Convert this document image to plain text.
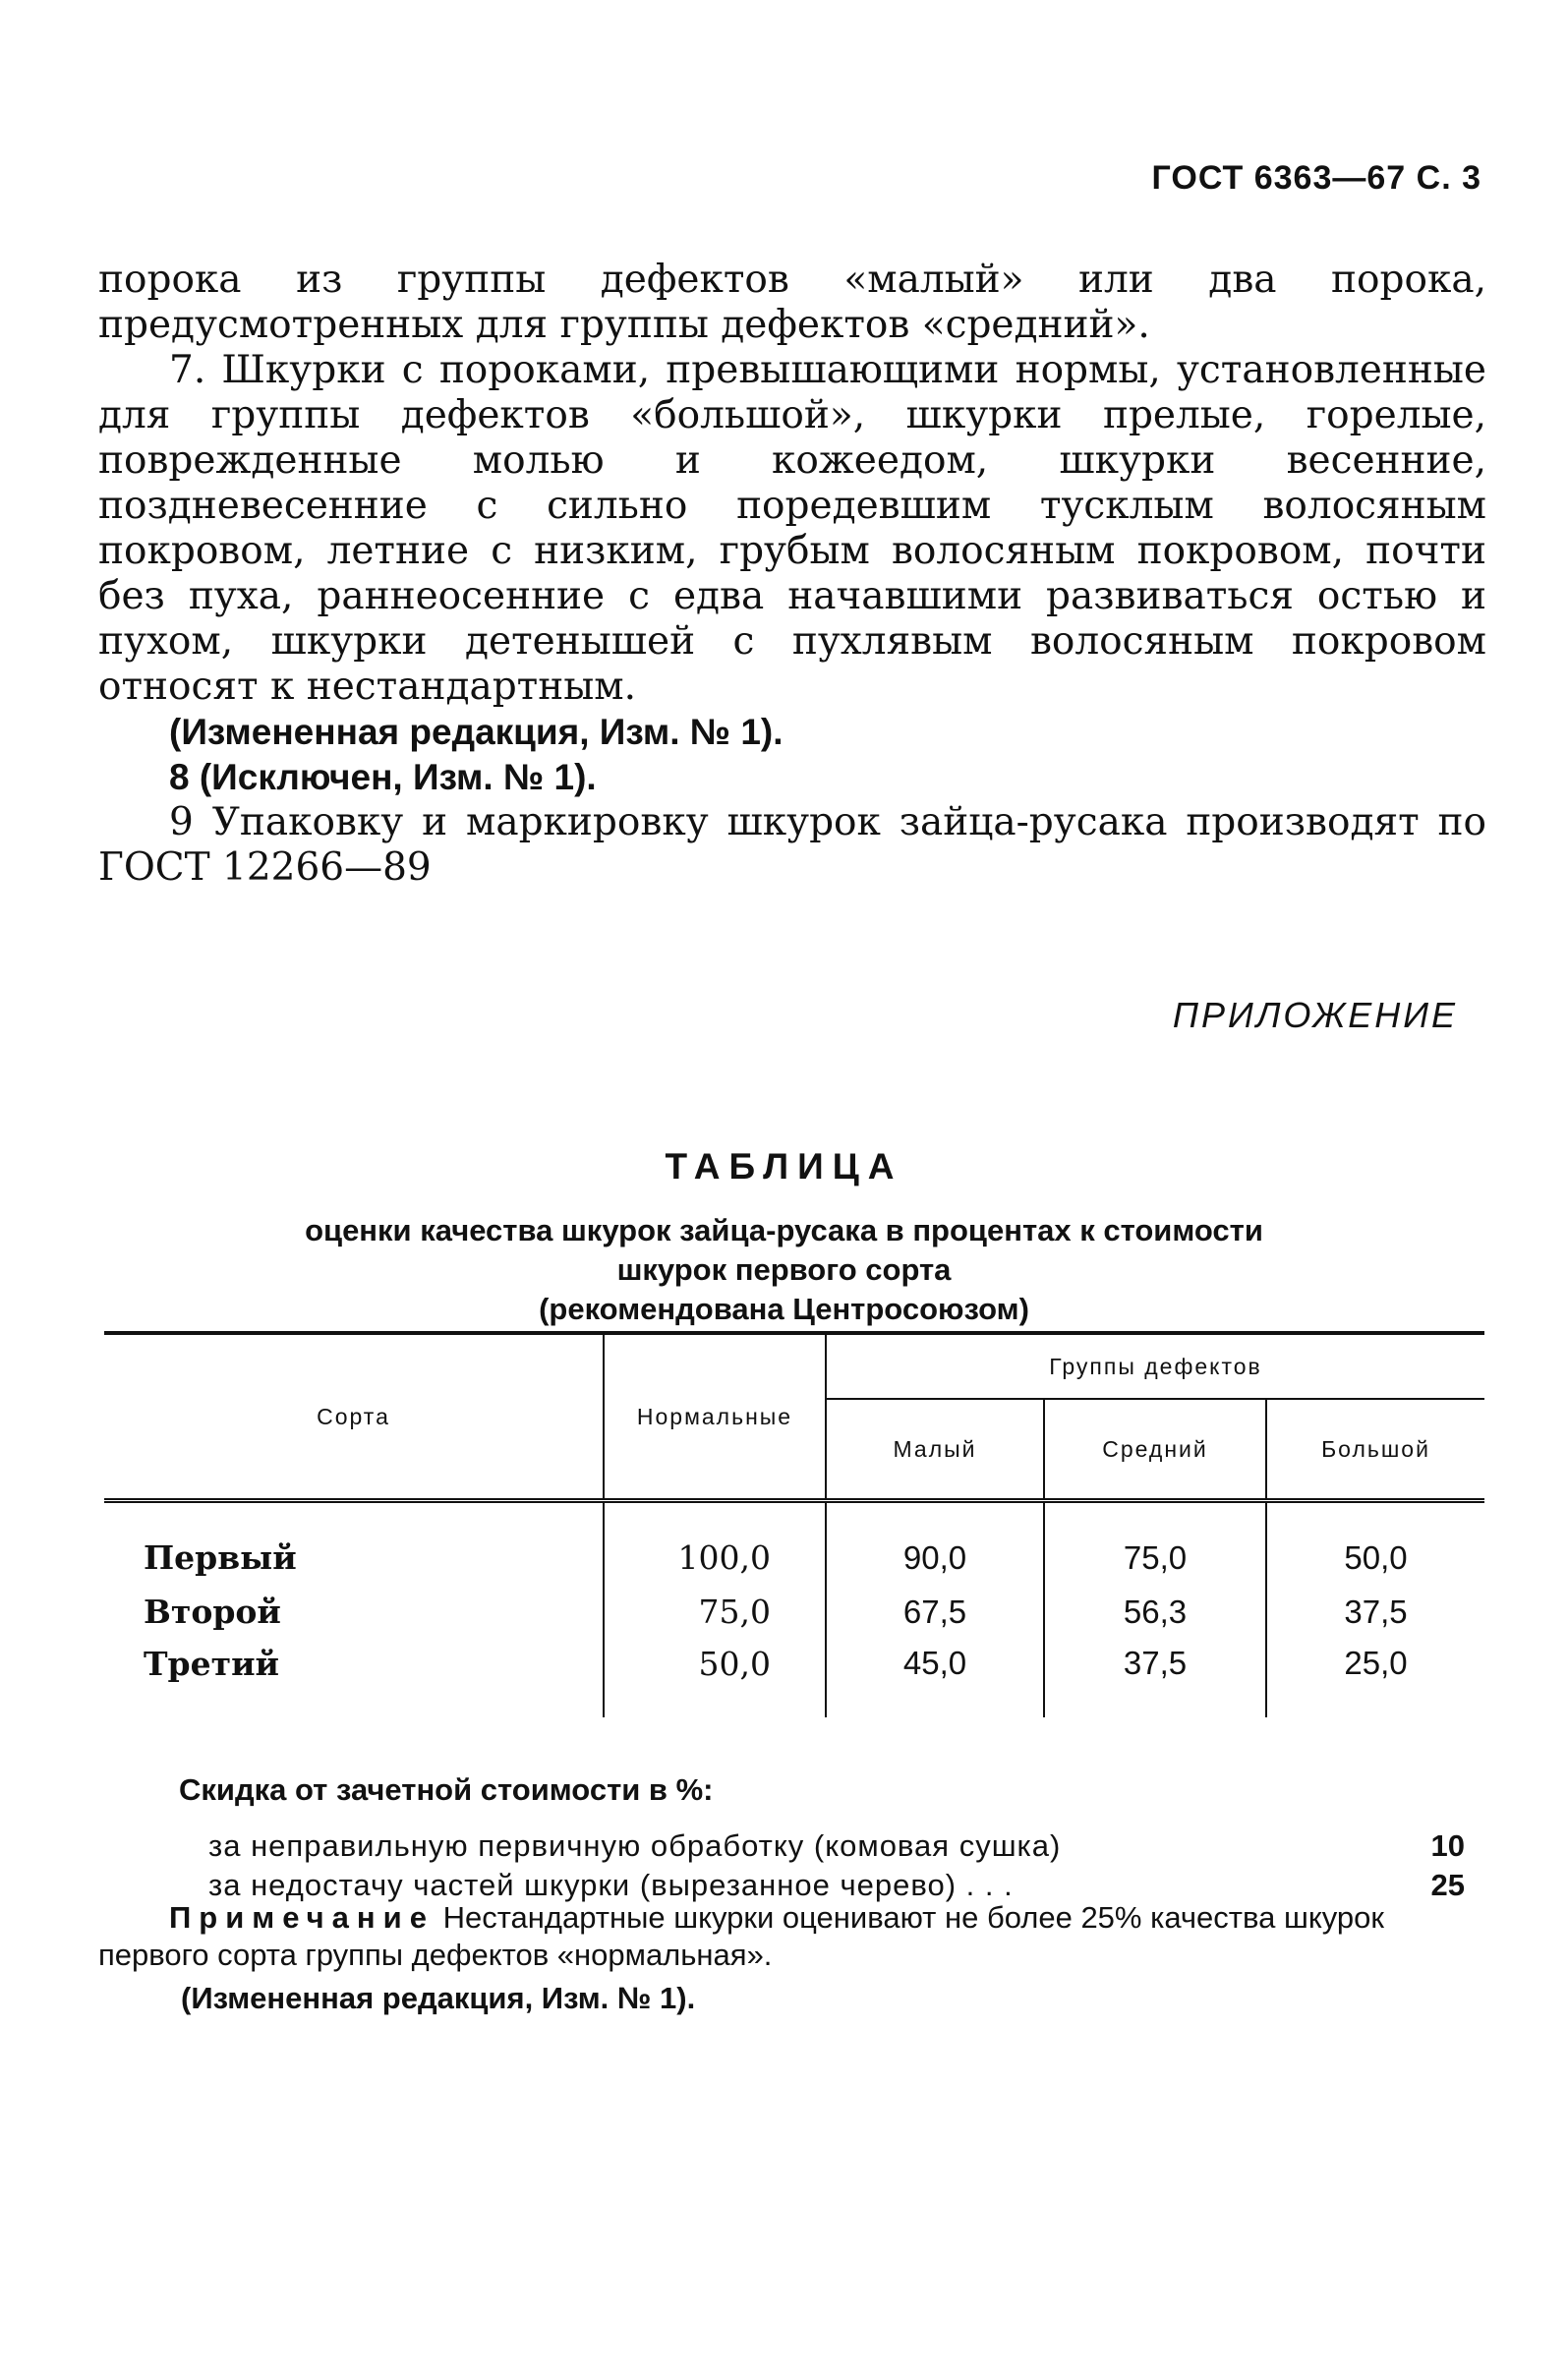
ГОСТ 6363—67 С. 3

порока из группы дефектов «малый» или два порока, предусмотренных для группы дефектов «средний».

7. Шкурки с пороками, превышающими нормы, установленные для группы дефектов «большой», шкурки прелые, горелые, поврежденные молью и кожеедом, шкурки весенние, поздневесенние с сильно поредевшим тусклым волосяным покровом, летние с низким, грубым волосяным покровом, почти без пуха, раннеосенние с едва начавшими развиваться остью и пухом, шкурки детенышей с пухлявым волосяным покровом относят к нестандартным.

(Измененная редакция, Изм. № 1).

8 (Исключен, Изм. № 1).

9 Упаковку и маркировку шкурок зайца-русака производят по ГОСТ 12266—89

ПРИЛОЖЕНИЕ
ТАБЛИЦА
оценки качества шкурок зайца-русака в процентах к стоимости
шкурок первого сорта
(рекомендована Центросоюзом)
Сорта	Нормальные	Группы дефектов		
		Малый	Средний	Большой
Первый	100,0	90,0	75,0	50,0
Второй	75,0	67,5	56,3	37,5
Третий	50,0	45,0	37,5	25,0
Скидка от зачетной стоимости в %:
за неправильную первичную обработку (комовая сушка)	10
за недостачу частей шкурки (вырезанное черево) . . .	25

Примечание Нестандартные шкурки оценивают не более 25% качества шкурок первого сорта группы дефектов «нормальная».

(Измененная редакция, Изм. № 1).
